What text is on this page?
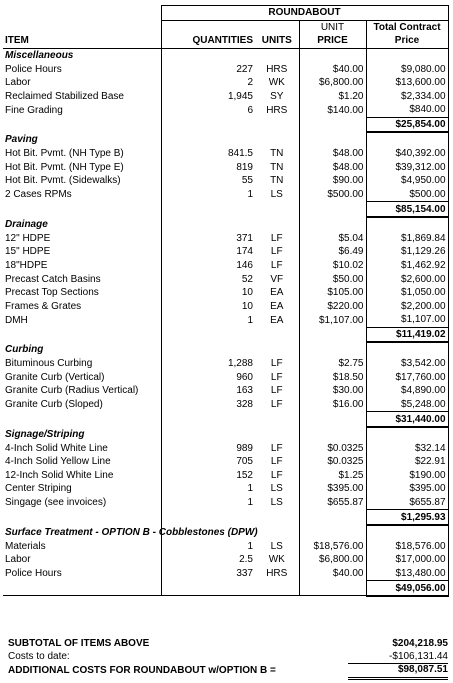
	ROUNDABOUT			
			UNIT	Total Contract
ITEM	QUANTITIES	UNITS	PRICE	Price
Miscellaneous				
Police Hours	227	HRS	$40.00	$9,080.00
Labor	2	WK	$6,800.00	$13,600.00
Reclaimed Stabilized Base	1,945	SY	$1.20	$2,334.00
Fine Grading	6	HRS	$140.00	$840.00
				$25,854.00
Paving				
Hot Bit. Pvmt. (NH Type B)	841.5	TN	$48.00	$40,392.00
Hot Bit. Pvmt. (NH Type E)	819	TN	$48.00	$39,312.00
Hot Bit. Pvmt. (Sidewalks)	55	TN	$90.00	$4,950.00
2 Cases RPMs	1	LS	$500.00	$500.00
				$85,154.00
Drainage				
12" HDPE	371	LF	$5.04	$1,869.84
15" HDPE	174	LF	$6.49	$1,129.26
18"HDPE	146	LF	$10.02	$1,462.92
Precast Catch Basins	52	VF	$50.00	$2,600.00
Precast Top Sections	10	EA	$105.00	$1,050.00
Frames & Grates	10	EA	$220.00	$2,200.00
DMH	1	EA	$1,107.00	$1,107.00
				$11,419.02
Curbing				
Bituminous Curbing	1,288	LF	$2.75	$3,542.00
Granite Curb (Vertical)	960	LF	$18.50	$17,760.00
Granite Curb (Radius Vertical)	163	LF	$30.00	$4,890.00
Granite Curb (Sloped)	328	LF	$16.00	$5,248.00
				$31,440.00
Signage/Striping				
4-Inch Solid White Line	989	LF	$0.0325	$32.14
4-Inch Solid Yellow Line	705	LF	$0.0325	$22.91
12-Inch Solid White Line	152	LF	$1.25	$190.00
Center Striping	1	LS	$395.00	$395.00
Singage (see invoices)	1	LS	$655.87	$655.87
				$1,295.93
Surface Treatment - OPTION B - Cobblestones (DPW)				
Materials	1	LS	$18,576.00	$18,576.00
Labor	2.5	WK	$6,800.00	$17,000.00
Police Hours	337	HRS	$40.00	$13,480.00
				$49,056.00
SUBTOTAL OF ITEMS ABOVE	$204,218.95
Costs to date:	-$106,131.44
ADDITIONAL COSTS FOR ROUNDABOUT w/OPTION B =	$98,087.51
